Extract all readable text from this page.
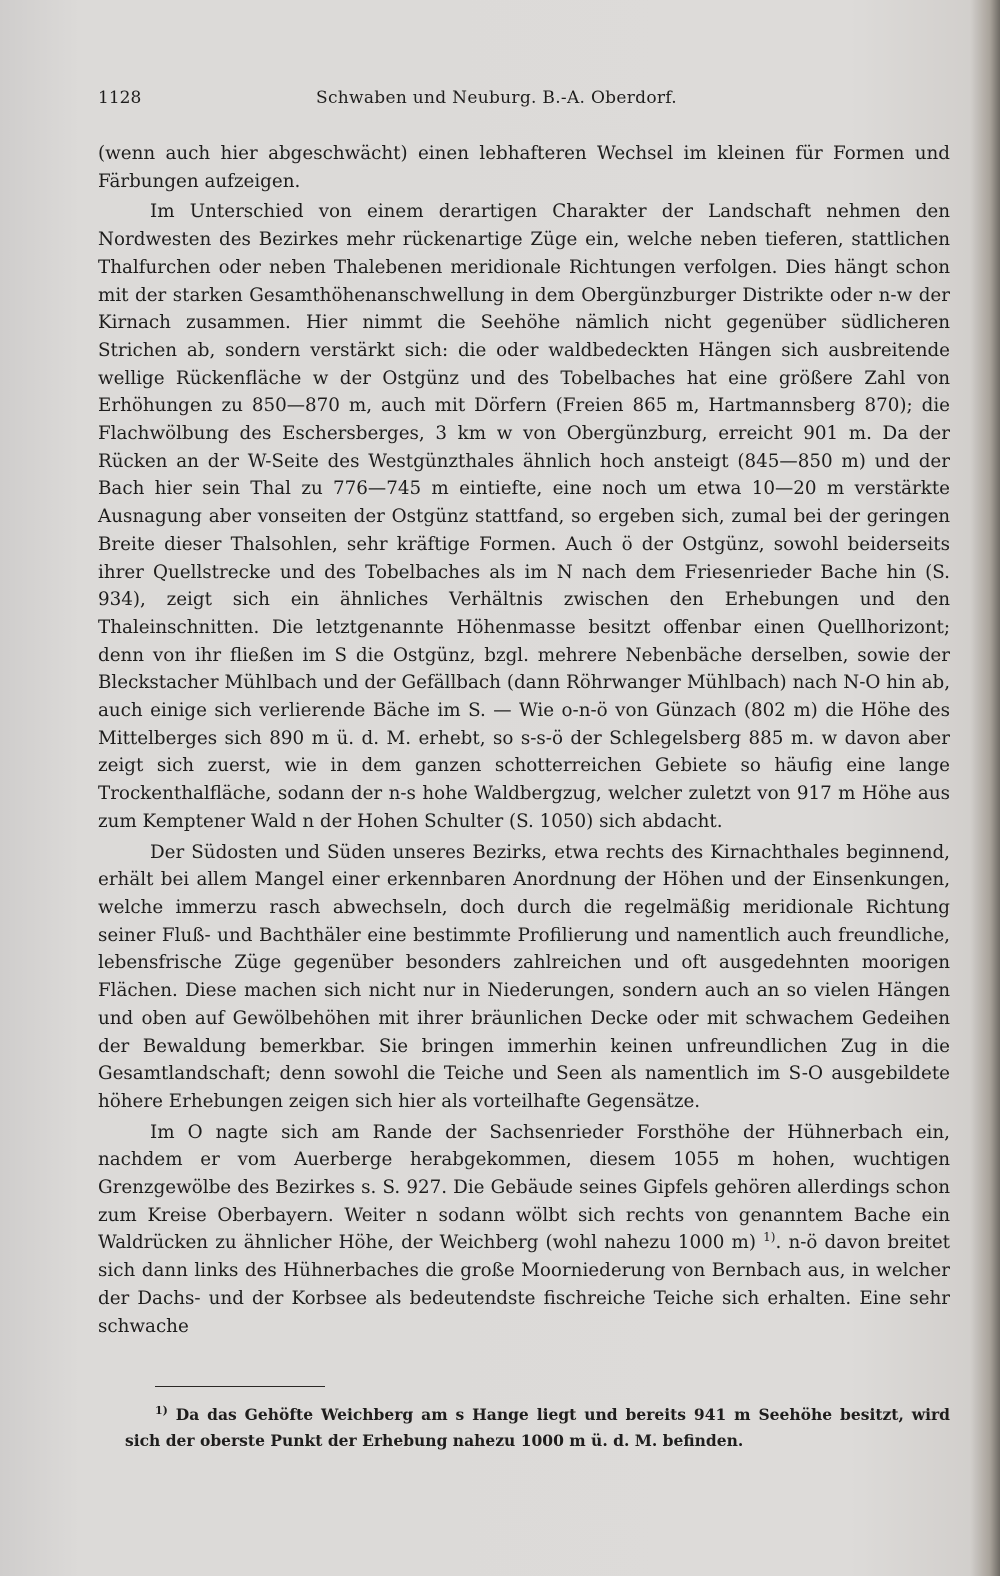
1128	Schwaben und Neuburg. B.-A. Oberdorf.

(wenn auch hier abgeschwächt) einen lebhafteren Wechsel im kleinen für Formen und Färbungen aufzeigen.

Im Unterschied von einem derartigen Charakter der Landschaft nehmen den Nordwesten des Bezirkes mehr rückenartige Züge ein, welche neben tieferen, stattlichen Thalfurchen oder neben Thalebenen meridionale Richtungen verfolgen. Dies hängt schon mit der starken Gesamthöhenanschwellung in dem Obergünzburger Distrikte oder n-w der Kirnach zusammen. Hier nimmt die Seehöhe nämlich nicht gegenüber südlicheren Strichen ab, sondern verstärkt sich: die oder waldbedeckten Hängen sich ausbreitende wellige Rückenfläche w der Ostgünz und des Tobelbaches hat eine größere Zahl von Erhöhungen zu 850—870 m, auch mit Dörfern (Freien 865 m, Hartmannsberg 870); die Flachwölbung des Eschersberges, 3 km w von Obergünzburg, erreicht 901 m. Da der Rücken an der W-Seite des Westgünzthales ähnlich hoch ansteigt (845—850 m) und der Bach hier sein Thal zu 776—745 m eintiefte, eine noch um etwa 10—20 m verstärkte Ausnagung aber vonseiten der Ostgünz stattfand, so ergeben sich, zumal bei der geringen Breite dieser Thalsohlen, sehr kräftige Formen. Auch ö der Ostgünz, sowohl beiderseits ihrer Quellstrecke und des Tobelbaches als im N nach dem Friesenrieder Bache hin (S. 934), zeigt sich ein ähnliches Verhältnis zwischen den Erhebungen und den Thaleinschnitten. Die letztgenannte Höhenmasse besitzt offenbar einen Quellhorizont; denn von ihr fließen im S die Ostgünz, bzgl. mehrere Nebenbäche derselben, sowie der Bleckstacher Mühlbach und der Gefällbach (dann Röhrwanger Mühlbach) nach N-O hin ab, auch einige sich verlierende Bäche im S. — Wie o-n-ö von Günzach (802 m) die Höhe des Mittelberges sich 890 m ü. d. M. erhebt, so s-s-ö der Schlegelsberg 885 m. w davon aber zeigt sich zuerst, wie in dem ganzen schotterreichen Gebiete so häufig eine lange Trockenthalfläche, sodann der n-s hohe Waldbergzug, welcher zuletzt von 917 m Höhe aus zum Kemptener Wald n der Hohen Schulter (S. 1050) sich abdacht.

Der Südosten und Süden unseres Bezirks, etwa rechts des Kirnachthales beginnend, erhält bei allem Mangel einer erkennbaren Anordnung der Höhen und der Einsenkungen, welche immerzu rasch abwechseln, doch durch die regelmäßig meridionale Richtung seiner Fluß- und Bachthäler eine bestimmte Profilierung und namentlich auch freundliche, lebensfrische Züge gegenüber besonders zahlreichen und oft ausgedehnten moorigen Flächen. Diese machen sich nicht nur in Niederungen, sondern auch an so vielen Hängen und oben auf Gewölbehöhen mit ihrer bräunlichen Decke oder mit schwachem Gedeihen der Bewaldung bemerkbar. Sie bringen immerhin keinen unfreundlichen Zug in die Gesamtlandschaft; denn sowohl die Teiche und Seen als namentlich im S-O ausgebildete höhere Erhebungen zeigen sich hier als vorteilhafte Gegensätze.

Im O nagte sich am Rande der Sachsenrieder Forsthöhe der Hühnerbach ein, nachdem er vom Auerberge herabgekommen, diesem 1055 m hohen, wuchtigen Grenzgewölbe des Bezirkes s. S. 927. Die Gebäude seines Gipfels gehören allerdings schon zum Kreise Oberbayern. Weiter n sodann wölbt sich rechts von genanntem Bache ein Waldrücken zu ähnlicher Höhe, der Weichberg (wohl nahezu 1000 m) $^{1)}$. n-ö davon breitet sich dann links des Hühnerbaches die große Moorniederung von Bernbach aus, in welcher der Dachs- und der Korbsee als bedeutendste fischreiche Teiche sich erhalten. Eine sehr schwache

$^{1)}$ Da das Gehöfte Weichberg am s Hange liegt und bereits 941 m Seehöhe besitzt, wird sich der oberste Punkt der Erhebung nahezu 1000 m ü. d. M. befinden.
